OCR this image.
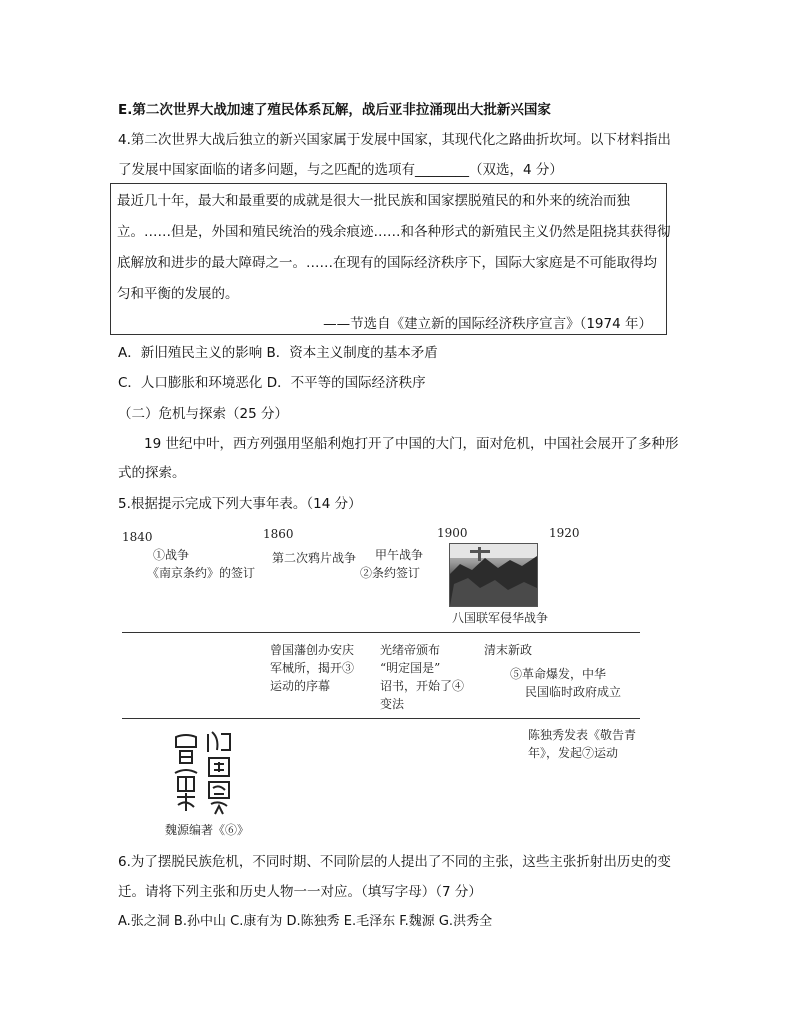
E.第二次世界大战加速了殖民体系瓦解，战后亚非拉涌现出大批新兴国家
4.第二次世界大战后独立的新兴国家属于发展中国家，其现代化之路曲折坎坷。以下材料指出
了发展中国家面临的诸多问题，与之匹配的选项有________（双选，4 分）
最近几十年，最大和最重要的成就是很大一批民族和国家摆脱殖民的和外来的统治而独
立。……但是，外国和殖民统治的残余痕迹……和各种形式的新殖民主义仍然是阻挠其获得彻
底解放和进步的最大障碍之一。……在现有的国际经济秩序下，国际大家庭是不可能取得均
匀和平衡的发展的。
——节选自《建立新的国际经济秩序宣言》（1974 年）
A．新旧殖民主义的影响 B．资本主义制度的基本矛盾
C．人口膨胀和环境恶化 D．不平等的国际经济秩序
（二）危机与探索（25 分）
19 世纪中叶，西方列强用坚船利炮打开了中国的大门，面对危机，中国社会展开了多种形
式的探索。
5.根据提示完成下列大事年表。（14 分）
1840	1860	1900	1920
①战争
《南京条约》的签订
第二次鸦片战争 甲午战争
②条约签订
八国联军侵华战争
曾国藩创办安庆
军械所，揭开③
运动的序幕
光绪帝颁布
“明定国是”
诏书，开始了④
变法
清末新政
⑤革命爆发，中华
民国临时政府成立
魏源编著《⑥》
陈独秀发表《敬告青
年》，发起⑦运动
6.为了摆脱民族危机，不同时期、不同阶层的人提出了不同的主张，这些主张折射出历史的变
迁。请将下列主张和历史人物一一对应。（填写字母）（7 分）
A.张之洞 B.孙中山 C.康有为 D.陈独秀 E.毛泽东 F.魏源 G.洪秀全
